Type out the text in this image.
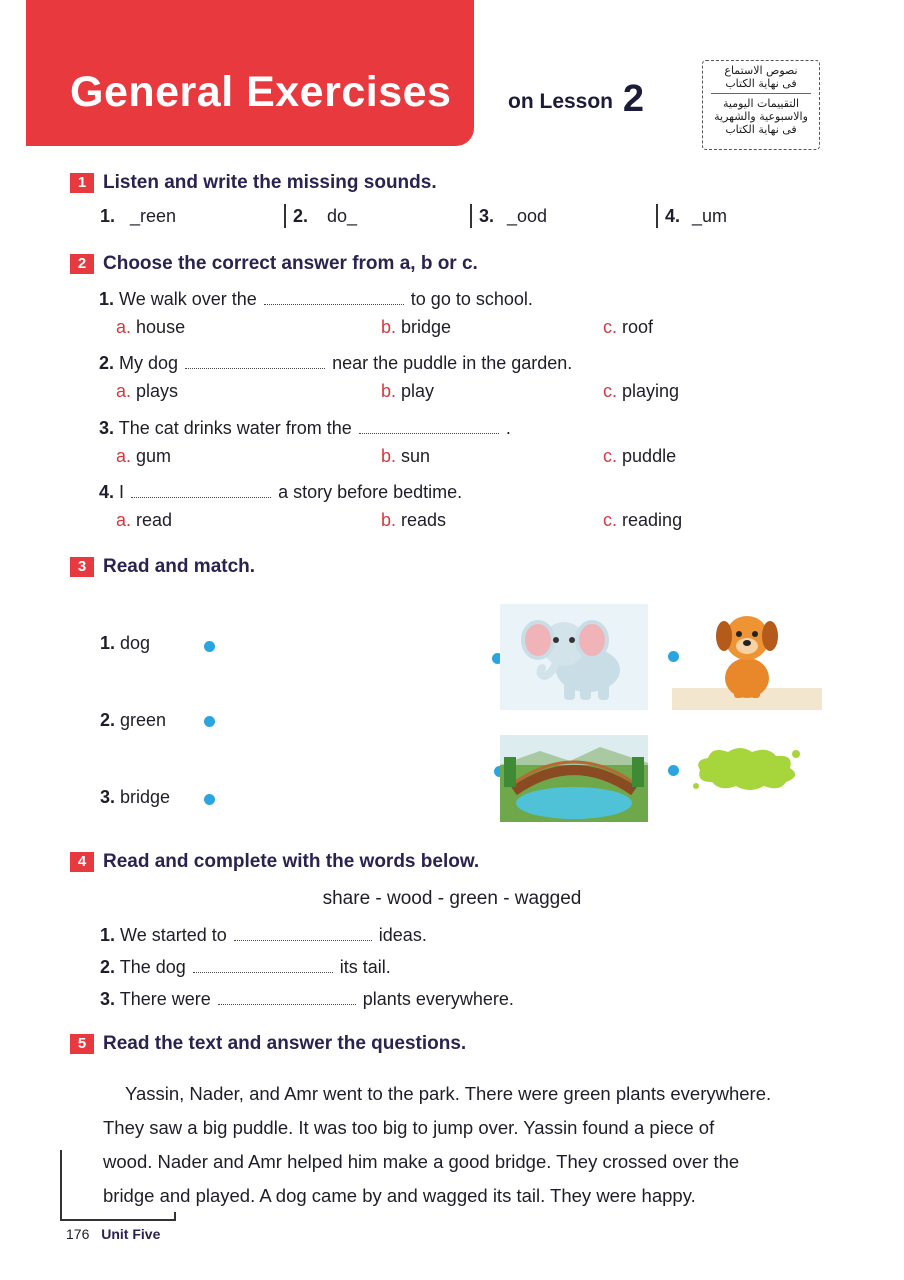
General Exercises	on Lesson 2
نصوص الاستماع
فى نهاية الكتاب
التقييمات اليومية
والاسبوعية والشهرية
فى نهاية الكتاب
1 Listen and write the missing sounds.
1. _reen	2. do_	3. _ood	4. _um
2 Choose the correct answer from a, b or c.
1. We walk over the	to go to school.
a. house	b. bridge	c. roof
2. My dog	near the puddle in the garden.
a. plays	b. play	c. playing
3. The cat drinks water from the	.
a. gum	b. sun	c. puddle
4. I	a story before bedtime.
a. read	b. reads	c. reading
3 Read and match.
1. dog
2. green
3. bridge
4 Read and complete with the words below.
share - wood - green - wagged
1. We started to	ideas.
2. The dog	its tail.
3. There were	plants everywhere.
5 Read the text and answer the questions.

Yassin, Nader, and Amr went to the park. There were green plants everywhere.

They saw a big puddle. It was too big to jump over. Yassin found a piece of

wood. Nader and Amr helped him make a good bridge. They crossed over the

bridge and played. A dog came by and wagged its tail. They were happy.

176 Unit Five
